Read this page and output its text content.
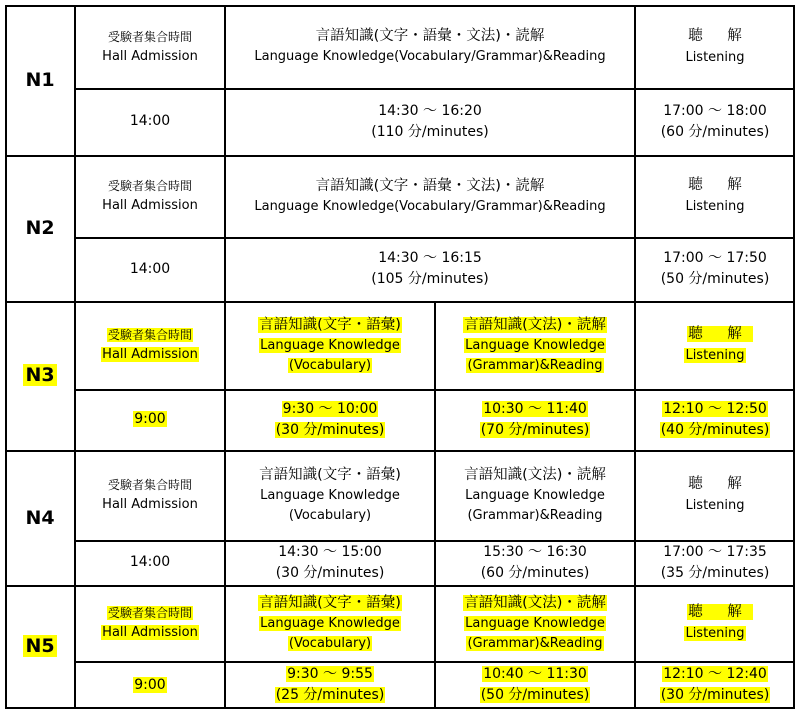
N1
受験者集合時間
Hall Admission
14:00
言語知識(文字・語彙・文法)・読解
Language Knowledge(Vocabulary/Grammar)&Reading
14:30 〜 16:20
(110 分/minutes)
聴 解
Listening
17:00 〜 18:00
(60 分/minutes)
N2
受験者集合時間
Hall Admission
14:00
言語知識(文字・語彙・文法)・読解
Language Knowledge(Vocabulary/Grammar)&Reading
14:30 〜 16:15
(105 分/minutes)
聴 解
Listening
17:00 〜 17:50
(50 分/minutes)
N3
受験者集合時間
Hall Admission
9:00
言語知識(文字・語彙)
Language Knowledge
(Vocabulary)
9:30 〜 10:00
(30 分/minutes)
言語知識(文法)・読解
Language Knowledge
(Grammar)&Reading
10:30 〜 11:40
(70 分/minutes)
聴 解
Listening
12:10 〜 12:50
(40 分/minutes)
N4
受験者集合時間
Hall Admission
14:00
言語知識(文字・語彙)
Language Knowledge
(Vocabulary)
14:30 〜 15:00
(30 分/minutes)
言語知識(文法)・読解
Language Knowledge
(Grammar)&Reading
15:30 〜 16:30
(60 分/minutes)
聴 解
Listening
17:00 〜 17:35
(35 分/minutes)
N5
受験者集合時間
Hall Admission
9:00
言語知識(文字・語彙)
Language Knowledge
(Vocabulary)
9:30 〜 9:55
(25 分/minutes)
言語知識(文法)・読解
Language Knowledge
(Grammar)&Reading
10:40 〜 11:30
(50 分/minutes)
聴 解
Listening
12:10 〜 12:40
(30 分/minutes)
